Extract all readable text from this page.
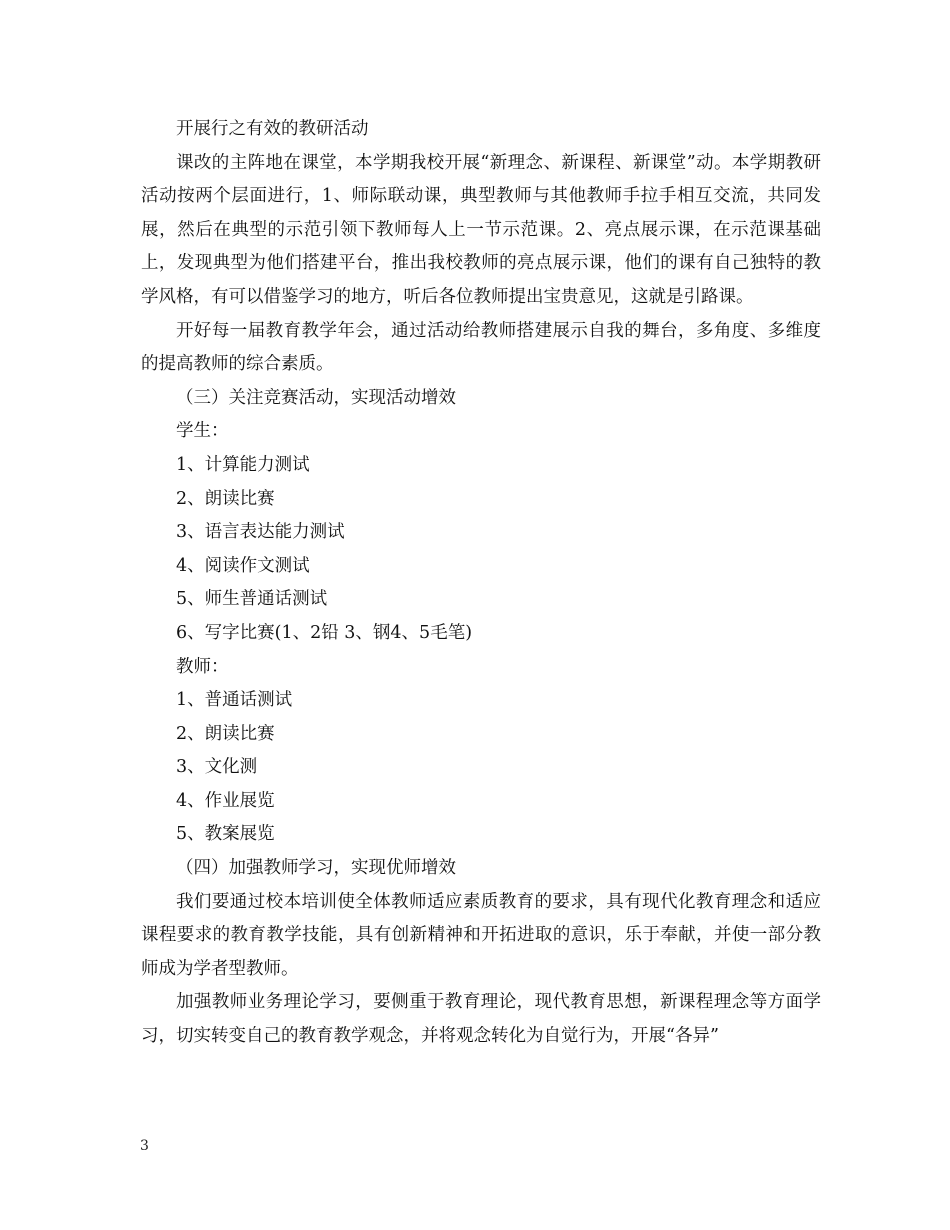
开展行之有效的教研活动

课改的主阵地在课堂，本学期我校开展“新理念、新课程、新课堂”动。本学期教研活动按两个层面进行，1、师际联动课，典型教师与其他教师手拉手相互交流，共同发展，然后在典型的示范引领下教师每人上一节示范课。2、亮点展示课，在示范课基础上，发现典型为他们搭建平台，推出我校教师的亮点展示课，他们的课有自己独特的教学风格，有可以借鉴学习的地方，听后各位教师提出宝贵意见，这就是引路课。

开好每一届教育教学年会，通过活动给教师搭建展示自我的舞台，多角度、多维度的提高教师的综合素质。

（三）关注竞赛活动，实现活动增效

学生：

1、计算能力测试

2、朗读比赛

3、语言表达能力测试

4、阅读作文测试

5、师生普通话测试

6、写字比赛(1、2铅 3、钢4、5毛笔)

教师：

1、普通话测试

2、朗读比赛

3、文化测

4、作业展览

5、教案展览

（四）加强教师学习，实现优师增效

我们要通过校本培训使全体教师适应素质教育的要求，具有现代化教育理念和适应课程要求的教育教学技能，具有创新精神和开拓进取的意识，乐于奉献，并使一部分教师成为学者型教师。

加强教师业务理论学习，要侧重于教育理论，现代教育思想，新课程理念等方面学习，切实转变自己的教育教学观念，并将观念转化为自觉行为，开展“各异”

3
